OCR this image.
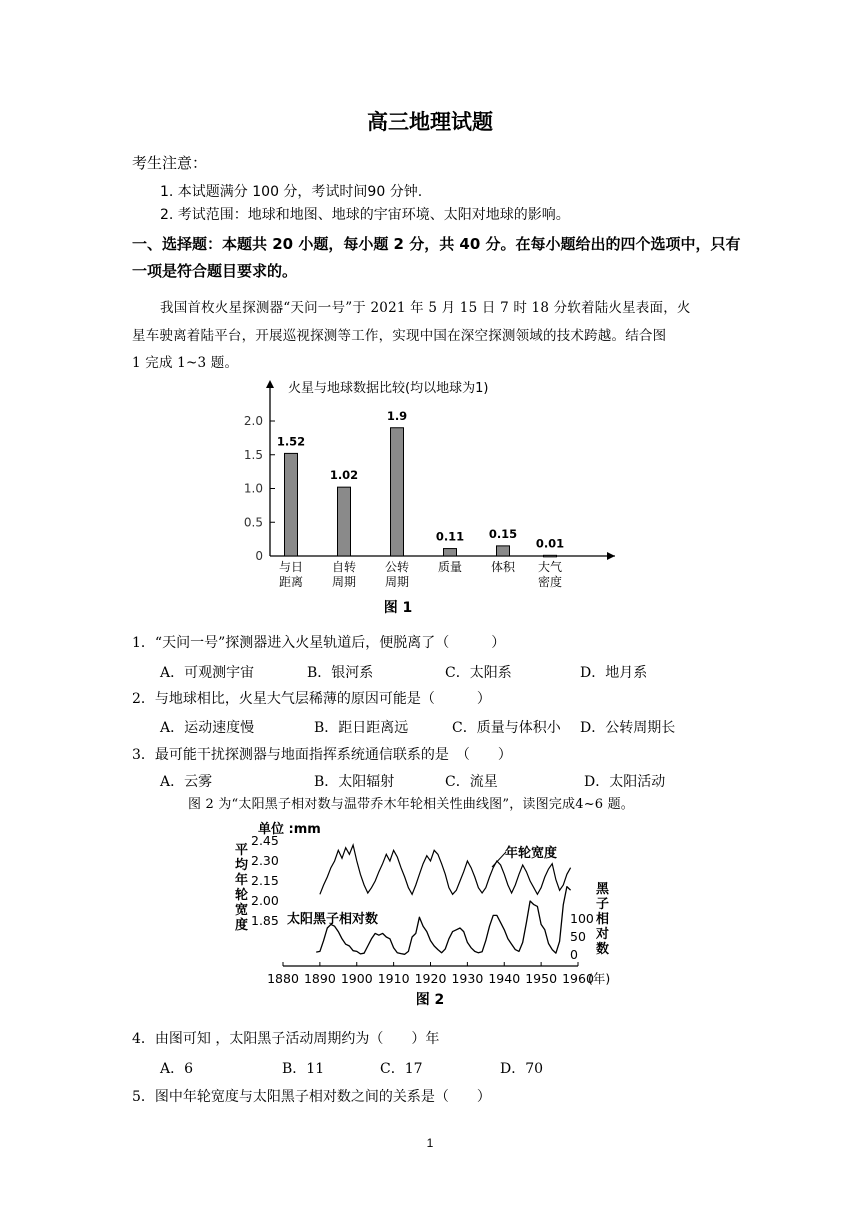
高三地理试题
考生注意：
1. 本试题满分 100 分，考试时间90 分钟.
2. 考试范围：地球和地图、地球的宇宙环境、太阳对地球的影响。
一、选择题：本题共 20 小题，每小题 2 分，共 40 分。在每小题给出的四个选项中，只有
一项是符合题目要求的。
我国首枚火星探测器“天问一号”于 2021 年 5 月 15 日 7 时 18 分软着陆火星表面，火
星车驶离着陆平台，开展巡视探测等工作，实现中国在深空探测领域的技术跨越。结合图
1 完成 1~3 题。
火星与地球数据比较(均以地球为1)
0
0.5
1.0
1.5
2.0
1.52
与日
距离
1.02
自转
周期
1.9
公转
周期
0.11
质量
0.15
体积
0.01
大气
密度
图 1
1．“天问一号”探测器进入火星轨道后，便脱离了（　　　）
A．可观测宇宙	B．银河系	C．太阳系	D．地月系
2．与地球相比，火星大气层稀薄的原因可能是（　　　）
A．运动速度慢	B．距日距离远	C．质量与体积小 D．公转周期长
3．最可能干扰探测器与地面指挥系统通信联系的是　（　　）
A．云雾	B．太阳辐射	C．流星	D．太阳活动
图 2 为“太阳黑子相对数与温带乔木年轮相关性曲线图”，读图完成4~6 题。
单位 :mm
平
均
年
轮
宽
度
2.45
2.30
2.15
2.00
1.85
黑
子
相
对
数
100
50
0
1880 1890 1900 1910 1920 1930 1940 1950 1960
(年)
年轮宽度
太阳黑子相对数
图 2
4．由图可知 ，太阳黑子活动周期约为（　　）年
A．6	B．11	C．17	D．70
5．图中年轮宽度与太阳黑子相对数之间的关系是（　　）
1
